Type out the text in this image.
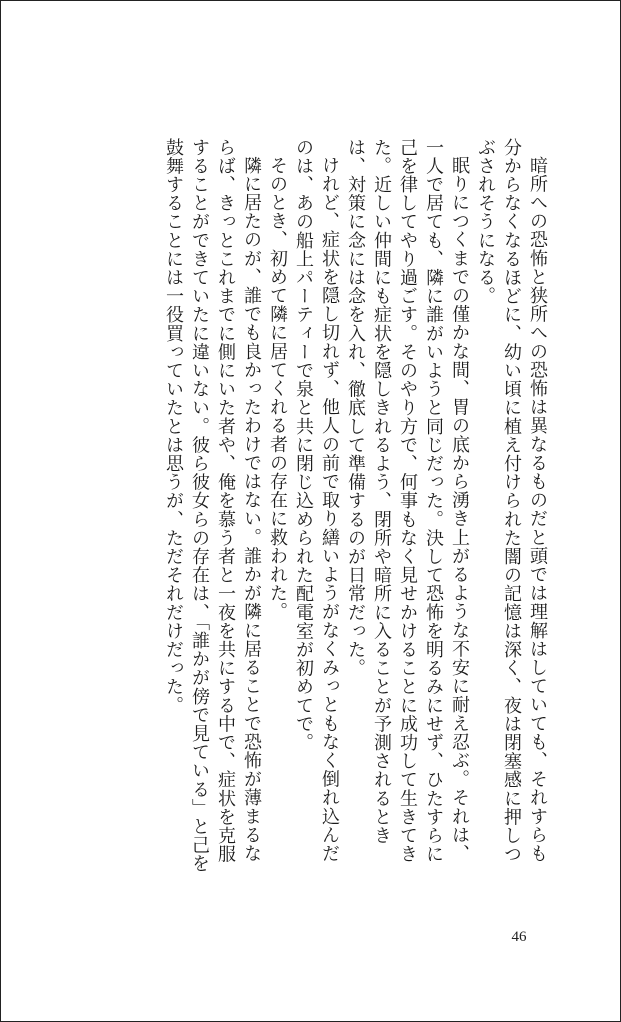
暗所への恐怖と狭所への恐怖は異なるものだと頭では理解はしていても、それすらも分からなくなるほどに、幼い頃に植え付けられた闇の記憶は深く、夜は閉塞感に押しつぶされそうになる。

眠りにつくまでの僅かな間、胃の底から湧き上がるような不安に耐え忍ぶ。それは、一人で居ても、隣に誰がいようと同じだった。決して恐怖を明るみにせず、ひたすらに己を律してやり過ごす。そのやり方で、何事もなく見せかけることに成功して生きてきた。近しい仲間にも症状を隠しきれるよう、閉所や暗所に入ることが予測されるときは、対策に念には念を入れ、徹底して準備するのが日常だった。

けれど、症状を隠し切れず、他人の前で取り繕いようがなくみっともなく倒れ込んだのは、あの船上パーティーで泉と共に閉じ込められた配電室が初めてで。

そのとき、初めて隣に居てくれる者の存在に救われた。

隣に居たのが、誰でも良かったわけではない。誰かが隣に居ることで恐怖が薄まるならば、きっとこれまでに側にいた者や、俺を慕う者と一夜を共にする中で、症状を克服することができていたに違いない。彼ら彼女らの存在は、「誰かが傍で見ている」と己を鼓舞することには一役買っていたとは思うが、ただそれだけだった。

46
